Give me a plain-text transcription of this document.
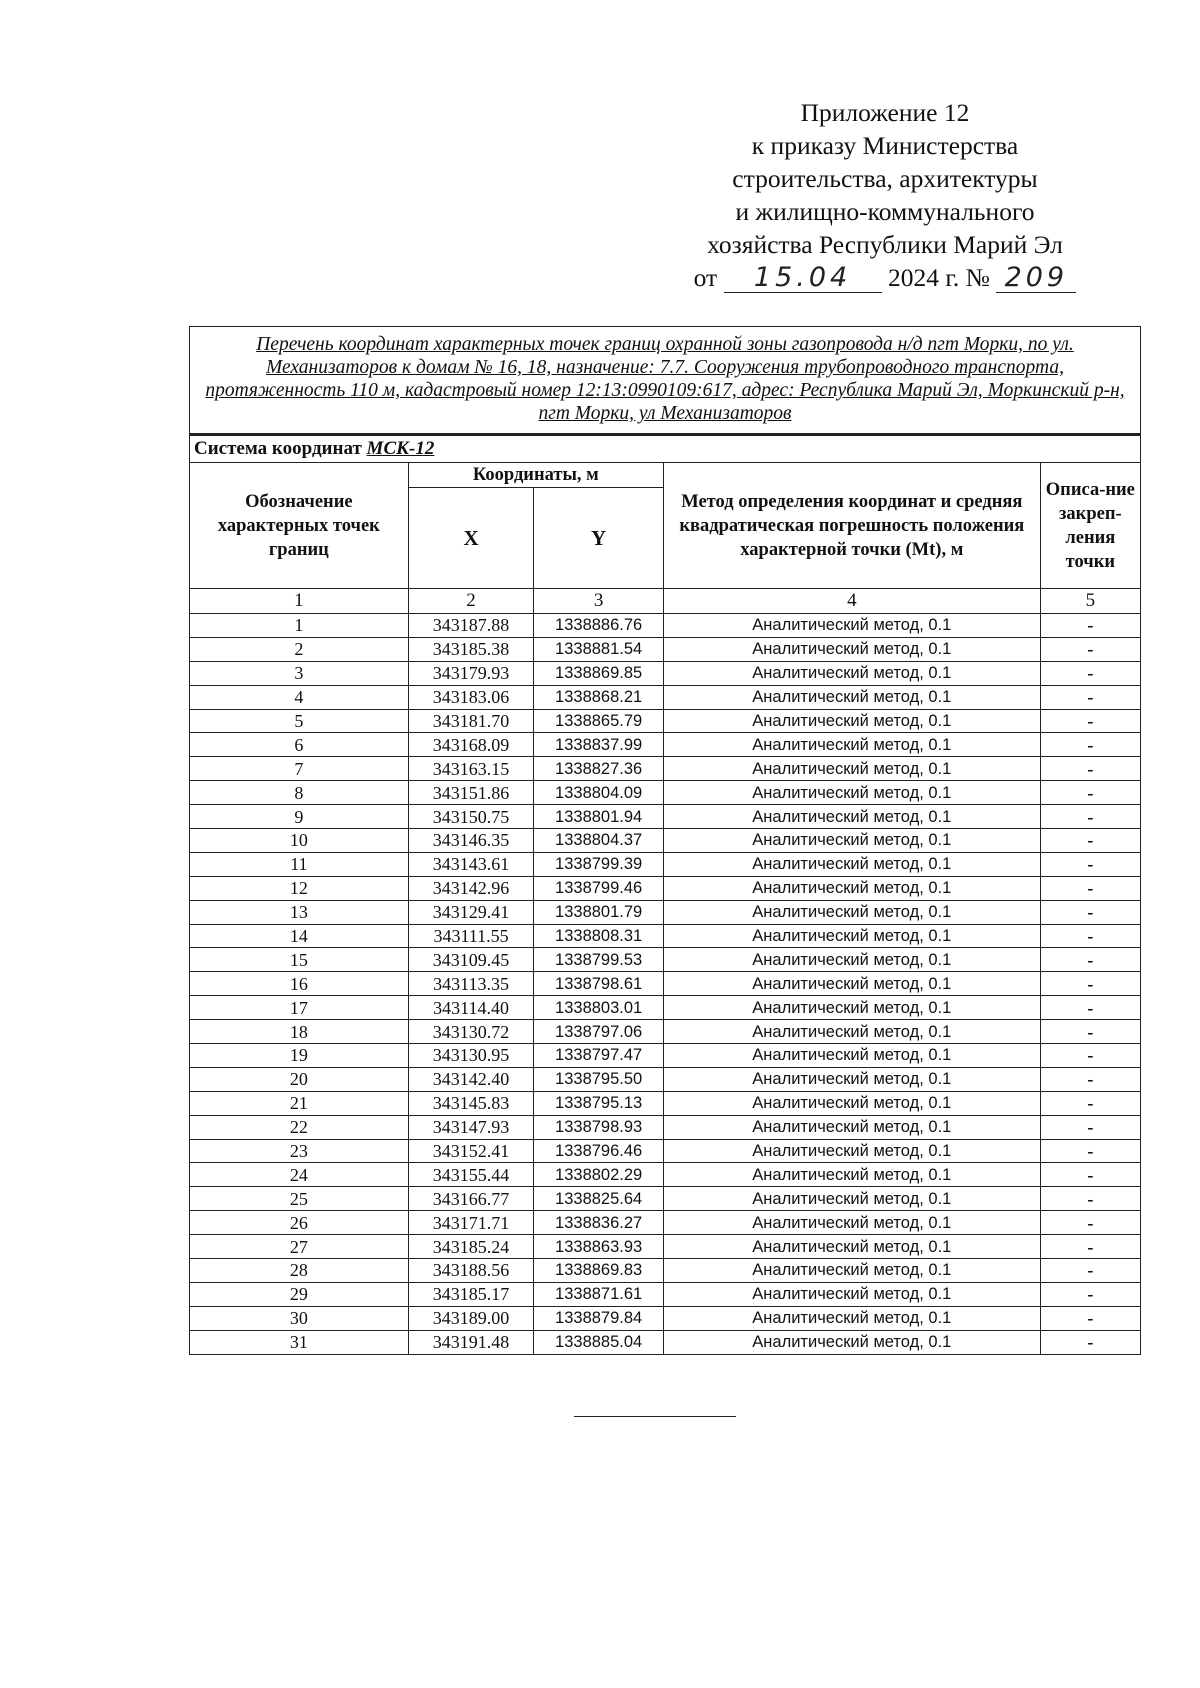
Приложение 12
к приказу Министерства
строительства, архитектуры
и жилищно-коммунального
хозяйства Республики Марий Эл
от 15.04 2024 г. № 209
Перечень координат характерных точек границ охранной зоны газопровода н/д пгт Морки, по ул. Механизаторов к домам № 16, 18, назначение: 7.7. Сооружения трубопроводного транспорта, протяженность 110 м, кадастровый номер 12:13:0990109:617, адрес: Республика Марий Эл, Моркинский р-н, пгт Морки, ул Механизаторов				
Система координат МСК-12				
Обозначение характерных точек границ	Координаты, м		Метод определения координат и средняя квадратическая погрешность положения характерной точки (Mt), м	Описа-ние закреп-ления точки
	X	Y		
1	2	3	4	5
1	343187.88	1338886.76	Аналитический метод, 0.1	-
2	343185.38	1338881.54	Аналитический метод, 0.1	-
3	343179.93	1338869.85	Аналитический метод, 0.1	-
4	343183.06	1338868.21	Аналитический метод, 0.1	-
5	343181.70	1338865.79	Аналитический метод, 0.1	-
6	343168.09	1338837.99	Аналитический метод, 0.1	-
7	343163.15	1338827.36	Аналитический метод, 0.1	-
8	343151.86	1338804.09	Аналитический метод, 0.1	-
9	343150.75	1338801.94	Аналитический метод, 0.1	-
10	343146.35	1338804.37	Аналитический метод, 0.1	-
11	343143.61	1338799.39	Аналитический метод, 0.1	-
12	343142.96	1338799.46	Аналитический метод, 0.1	-
13	343129.41	1338801.79	Аналитический метод, 0.1	-
14	343111.55	1338808.31	Аналитический метод, 0.1	-
15	343109.45	1338799.53	Аналитический метод, 0.1	-
16	343113.35	1338798.61	Аналитический метод, 0.1	-
17	343114.40	1338803.01	Аналитический метод, 0.1	-
18	343130.72	1338797.06	Аналитический метод, 0.1	-
19	343130.95	1338797.47	Аналитический метод, 0.1	-
20	343142.40	1338795.50	Аналитический метод, 0.1	-
21	343145.83	1338795.13	Аналитический метод, 0.1	-
22	343147.93	1338798.93	Аналитический метод, 0.1	-
23	343152.41	1338796.46	Аналитический метод, 0.1	-
24	343155.44	1338802.29	Аналитический метод, 0.1	-
25	343166.77	1338825.64	Аналитический метод, 0.1	-
26	343171.71	1338836.27	Аналитический метод, 0.1	-
27	343185.24	1338863.93	Аналитический метод, 0.1	-
28	343188.56	1338869.83	Аналитический метод, 0.1	-
29	343185.17	1338871.61	Аналитический метод, 0.1	-
30	343189.00	1338879.84	Аналитический метод, 0.1	-
31	343191.48	1338885.04	Аналитический метод, 0.1	-
